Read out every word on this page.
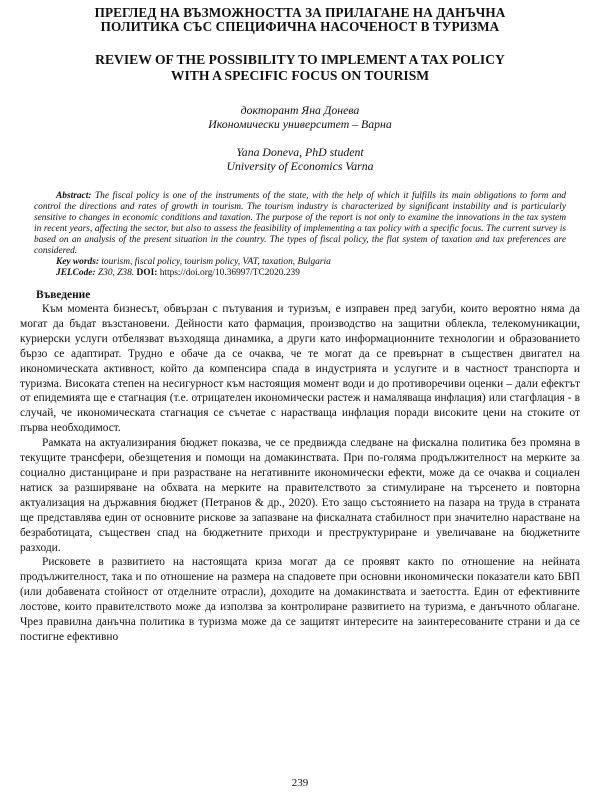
ПРЕГЛЕД НА ВЪЗМОЖНОСТТА ЗА ПРИЛАГАНЕ НА ДАНЪЧНА
ПОЛИТИКА СЪС СПЕЦИФИЧНА НАСОЧЕНОСТ В ТУРИЗМА
REVIEW OF THE POSSIBILITY TO IMPLEMENT A TAX POLICY
WITH A SPECIFIC FOCUS ON TOURISM
докторант Яна Донева
Икономически университет – Варна
Yana Doneva, PhD student
University of Economics Varna
Abstract: The fiscal policy is one of the instruments of the state, with the help of which it fulfills its main obligations to form and control the directions and rates of growth in tourism. The tourism industry is characterized by significant instability and is particularly sensitive to changes in economic conditions and taxation. The purpose of the report is not only to examine the innovations in the tax system in recent years, affecting the sector, but also to assess the feasibility of implementing a tax policy with a specific focus. The current survey is based on an analysis of the present situation in the country. The types of fiscal policy, the flat system of taxation and tax preferences are considered.
Key words: tourism, fiscal policy, tourism policy, VAT, taxation, Bulgaria
JELCode: Z30, Z38. DOI: https://doi.org/10.36997/TC2020.239
Въведение

Към момента бизнесът, обвързан с пътувания и туризъм, е изправен пред загуби, които вероятно няма да могат да бъдат възстановени. Дейности като фармация, производство на защитни облекла, телекомуникации, куриерски услуги отбелязват възходяща динамика, а други като информационните технологии и образованието бързо се адаптират. Трудно е обаче да се очаква, че те могат да се превърнат в съществен двигател на икономическата активност, който да компенсира спада в индустрията и услугите и в частност транспорта и туризма. Високата степен на несигурност към настоящия момент води и до противоречиви оценки – дали ефектът от епидемията ще е стагнация (т.е. отрицателен икономически растеж и намаляваща инфлация) или стагфлация - в случай, че икономическата стагнация се съчетае с нарастваща инфлация поради високите цени на стоките от първа необходимост.

Рамката на актуализирания бюджет показва, че се предвижда следване на фискална политика без промяна в текущите трансфери, обезщетения и помощи на домакинствата. При по-голяма продължителност на мерките за социално дистанциране и при разрастване на негативните икономически ефекти, може да се очаква и социален натиск за разширяване на обхвата на мерките на правителството за стимулиране на търсенето и повторна актуализация на държавния бюджет (Петранов & др., 2020). Ето защо състоянието на пазара на труда в страната ще представлява един от основните рискове за запазване на фискалната стабилност при значително нарастване на безработицата, съществен спад на бюджетните приходи и преструктуриране и увеличаване на бюджетните разходи.

Рисковете в развитието на настоящата криза могат да се проявят както по отношение на нейната продължителност, така и по отношение на размера на спадовете при основни икономически показатели като БВП (или добавената стойност от отделните отрасли), доходите на домакинствата и заетостта. Един от ефективните лостове, които правителството може да използва за контролиране развитието на туризма, е данъчното облагане. Чрез правилна данъчна политика в туризма може да се защитят интересите на заинтересованите страни и да се постигне ефективно

239
